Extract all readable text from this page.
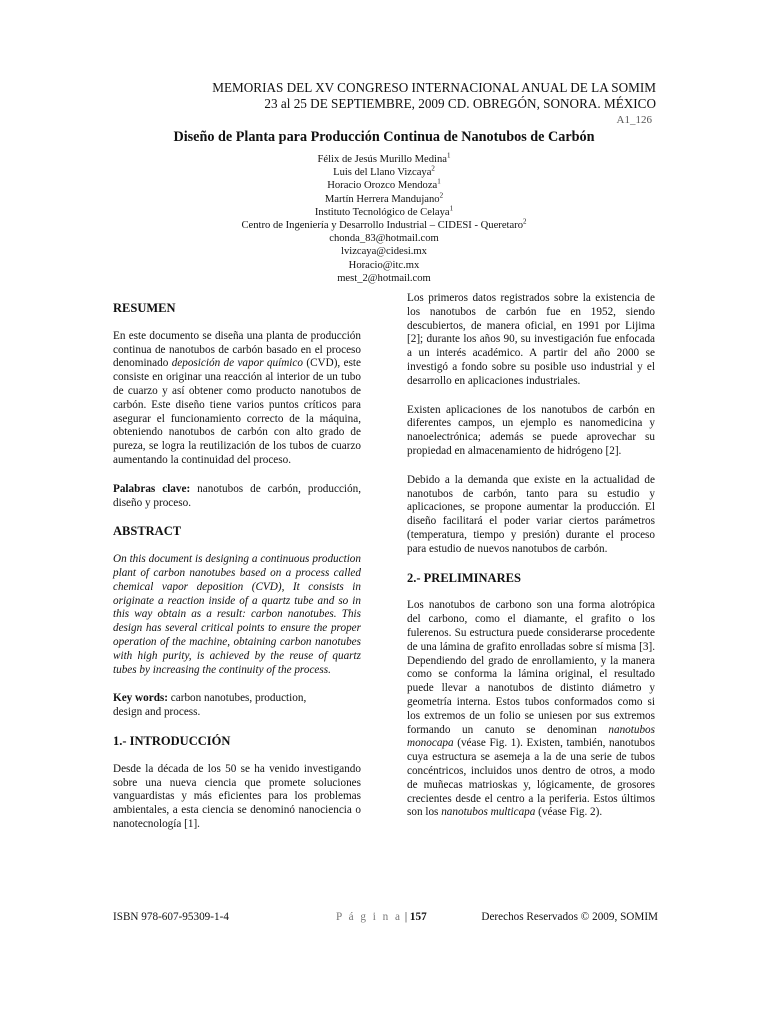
MEMORIAS DEL XV CONGRESO INTERNACIONAL ANUAL DE LA SOMIM
23 al 25 DE SEPTIEMBRE, 2009 CD. OBREGÓN, SONORA. MÉXICO
A1_126
Diseño de Planta para Producción Continua de Nanotubos de Carbón
Félix de Jesús Murillo Medina$^1$
Luis del Llano Vizcaya$^2$
Horacio Orozco Mendoza$^1$
Martín Herrera Mandujano$^2$
Instituto Tecnológico de Celaya$^1$
Centro de Ingeniería y Desarrollo Industrial – CIDESI - Queretaro$^2$
chonda_83@hotmail.com
lvizcaya@cidesi.mx
Horacio@itc.mx
mest_2@hotmail.com
RESUMEN

En este documento se diseña una planta de producción continua de nanotubos de carbón basado en el proceso denominado deposición de vapor químico (CVD), este consiste en originar una reacción al interior de un tubo de cuarzo y así obtener como producto nanotubos de carbón. Este diseño tiene varios puntos críticos para asegurar el funcionamiento correcto de la máquina, obteniendo nanotubos de carbón con alto grado de pureza, se logra la reutilización de los tubos de cuarzo aumentando la continuidad del proceso.

Palabras clave: nanotubos de carbón, producción, diseño y proceso.

ABSTRACT

On this document is designing a continuous production plant of carbon nanotubes based on a process called chemical vapor deposition (CVD), It consists in originate a reaction inside of a quartz tube and so in this way obtain as a result: carbon nanotubes. This design has several critical points to ensure the proper operation of the machine, obtaining carbon nanotubes with high purity, is achieved by the reuse of quartz tubes by increasing the continuity of the process.

Key words: carbon nanotubes, production,
design and process.

1.- INTRODUCCIÓN

Desde la década de los 50 se ha venido investigando sobre una nueva ciencia que promete soluciones vanguardistas y más eficientes para los problemas ambientales, a esta ciencia se denominó nanociencia o nanotecnología [1].

Los primeros datos registrados sobre la existencia de los nanotubos de carbón fue en 1952, siendo descubiertos, de manera oficial, en 1991 por Lijima [2]; durante los años 90, su investigación fue enfocada a un interés académico. A partir del año 2000 se investigó a fondo sobre su posible uso industrial y el desarrollo en aplicaciones industriales.

Existen aplicaciones de los nanotubos de carbón en diferentes campos, un ejemplo es nanomedicina y nanoelectrónica; además se puede aprovechar su propiedad en almacenamiento de hidrógeno [2].

Debido a la demanda que existe en la actualidad de nanotubos de carbón, tanto para su estudio y aplicaciones, se propone aumentar la producción. El diseño facilitará el poder variar ciertos parámetros (temperatura, tiempo y presión) durante el proceso para estudio de nuevos nanotubos de carbón.

2.- PRELIMINARES

Los nanotubos de carbono son una forma alotrópica del carbono, como el diamante, el grafito o los fulerenos. Su estructura puede considerarse procedente de una lámina de grafito enrolladas sobre sí misma [3]. Dependiendo del grado de enrollamiento, y la manera como se conforma la lámina original, el resultado puede llevar a nanotubos de distinto diámetro y geometría interna. Estos tubos conformados como si los extremos de un folio se uniesen por sus extremos formando un canuto se denominan nanotubos monocapa (véase Fig. 1). Existen, también, nanotubos cuya estructura se asemeja a la de una serie de tubos concéntricos, incluidos unos dentro de otros, a modo de muñecas matrioskas y, lógicamente, de grosores crecientes desde el centro a la periferia. Estos últimos son los nanotubos multicapa (véase Fig. 2).

ISBN 978-607-95309-1-4	P á g i n a | 157	Derechos Reservados © 2009, SOMIM
